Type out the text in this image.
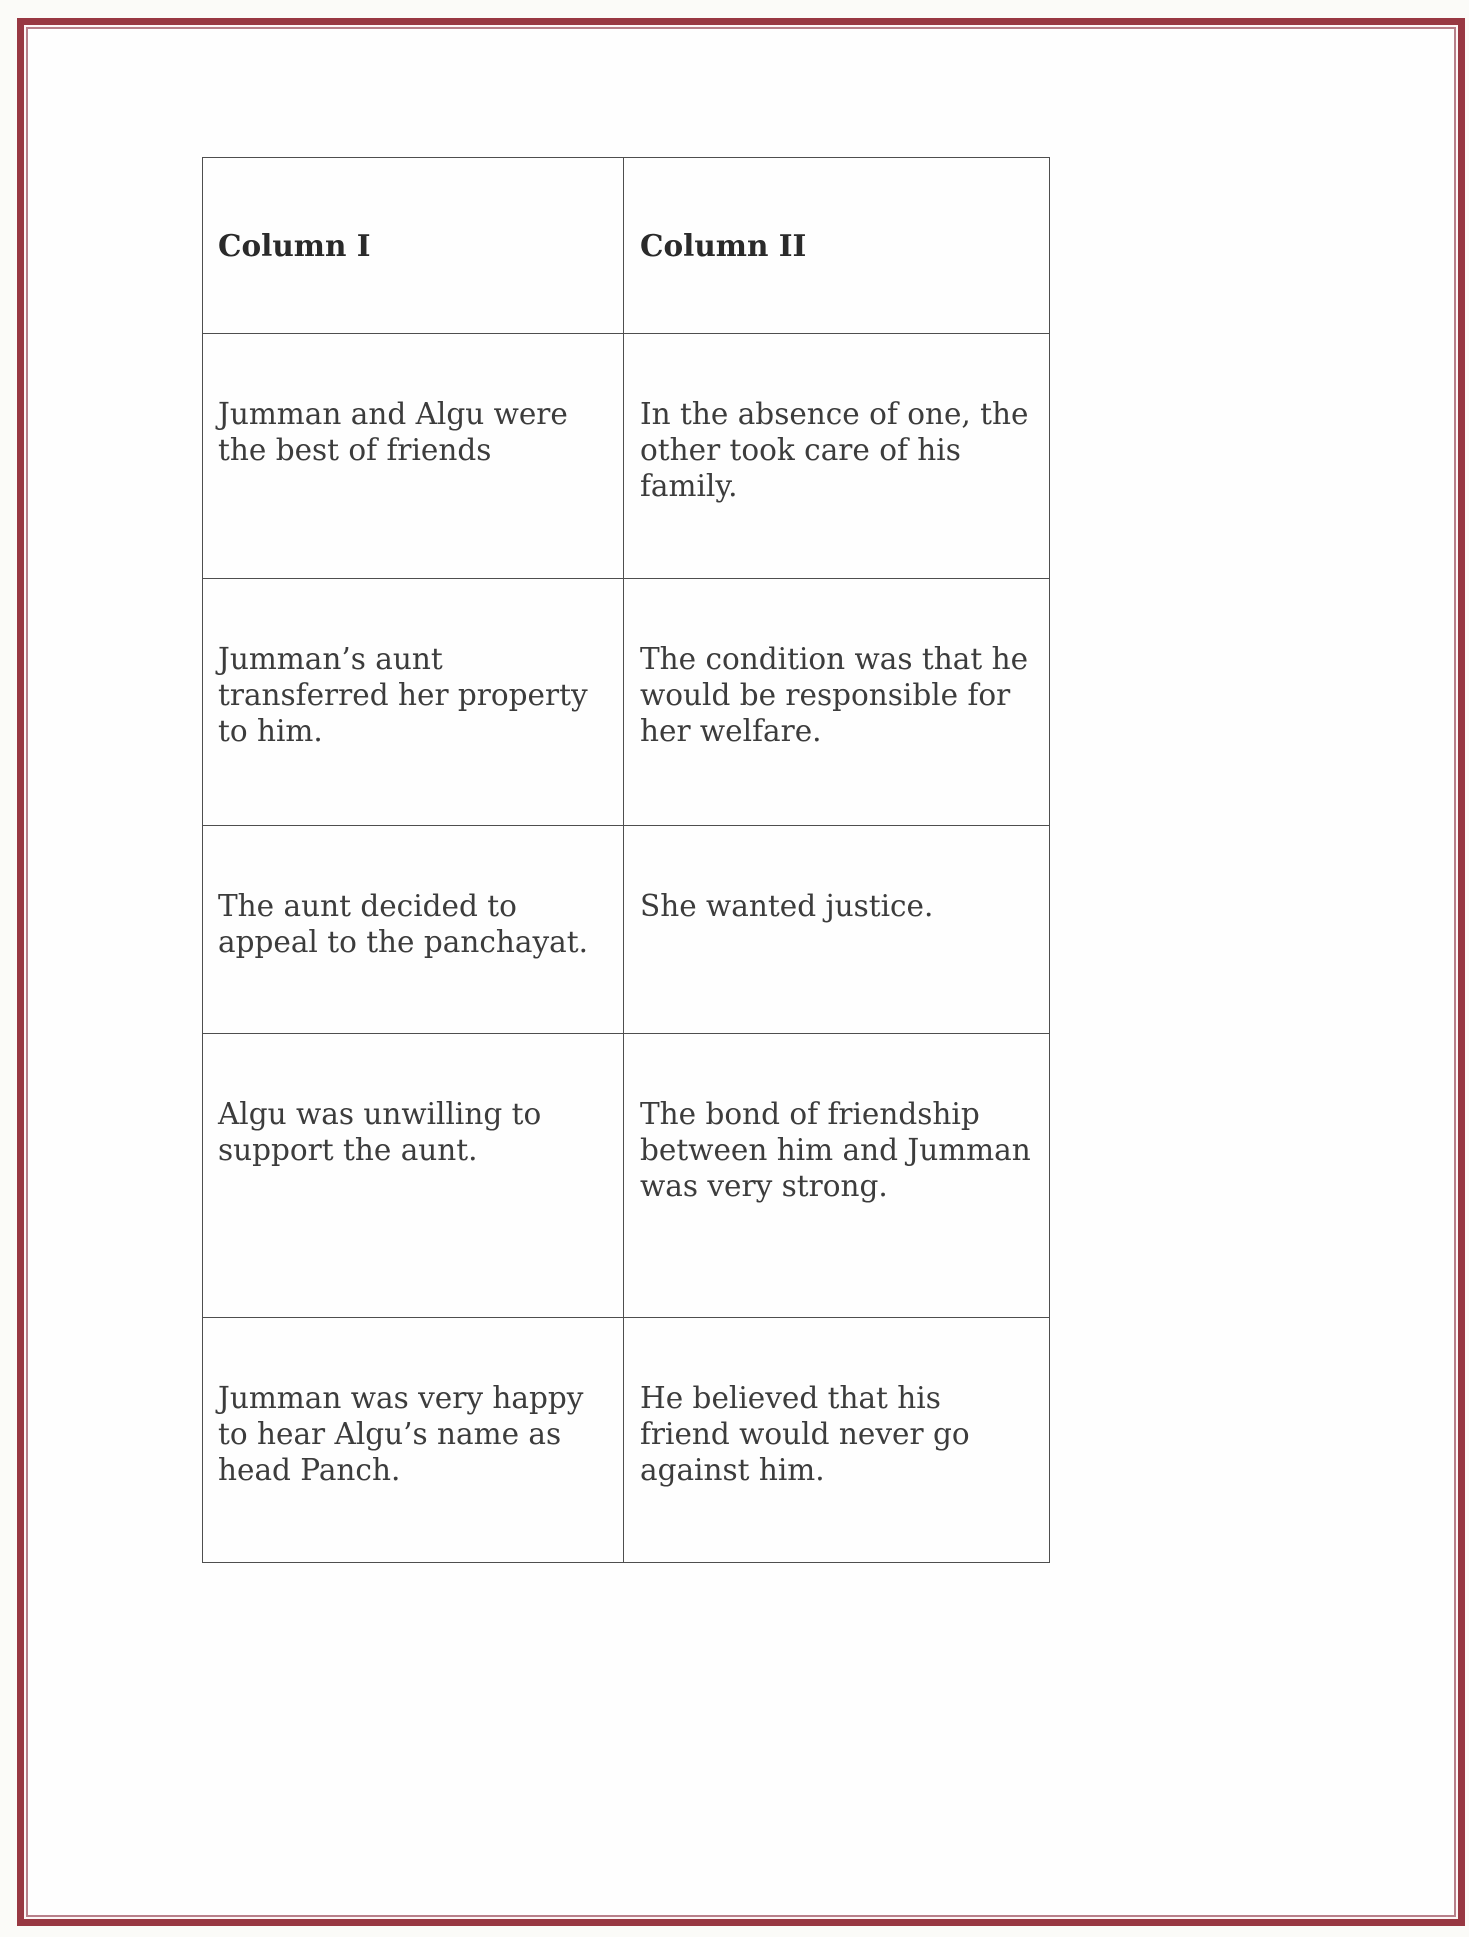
Column I	Column II
Jumman and Algu were the best of friends	In the absence of one, the other took care of his family.
Jumman’s aunt transferred her property to him.	The condition was that he would be responsible for her welfare.
The aunt decided to appeal to the panchayat.	She wanted justice.
Algu was unwilling to support the aunt.	The bond of friendship between him and Jumman was very strong.
Jumman was very happy to hear Algu’s name as head Panch.	He believed that his friend would never go against him.
